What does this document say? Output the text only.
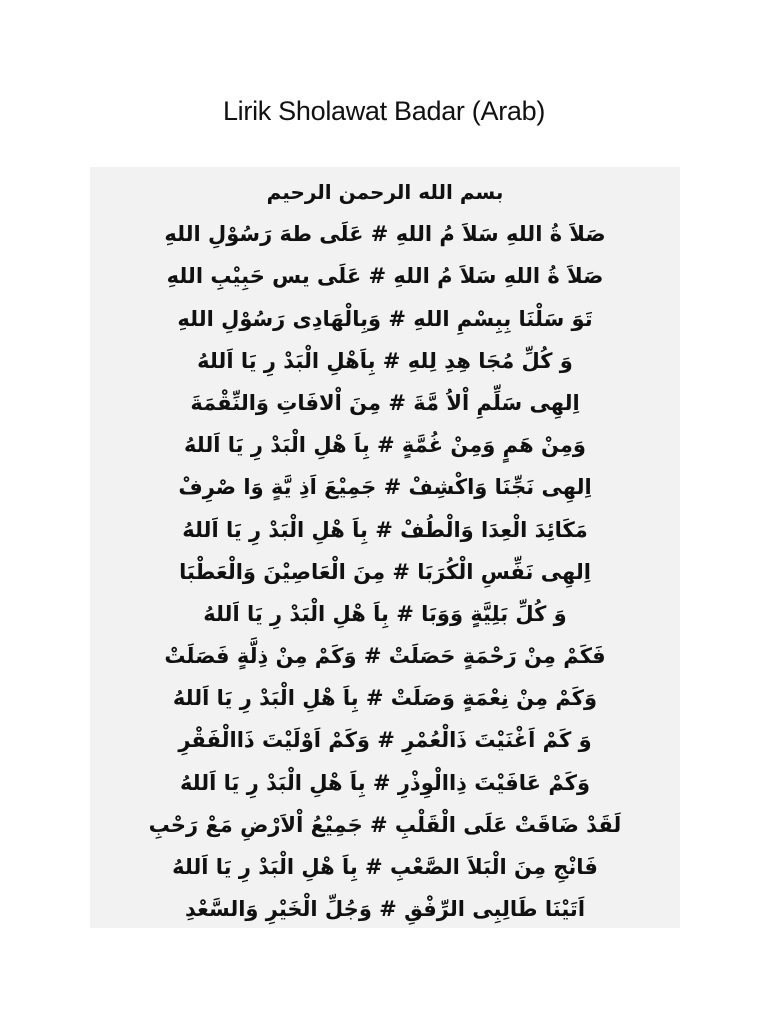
Lirik Sholawat Badar (Arab)
بسم الله الرحمن الرحيم
صَلاَ ةُ اللهِ سَلاَ مُ اللهِ # عَلَى طهَ رَسُوْلِ اللهِ
صَلاَ ةُ اللهِ سَلاَ مُ اللهِ # عَلَى يس حَبِيْبِ اللهِ
تَوَ سَلْنَا بِبِسْمِ اللهِ # وَبِالْهَادِى رَسُوْلِ اللهِ
وَ كُلِّ مُجَا هِدِ لِلهِ # بِاَهْلِ الْبَدْ رِ يَا اَللهُ
اِلهِى سَلِّمِ اْلاُ مَّةَ # مِنَ اْلافَاتِ وَالنِّقْمَةَ
وَمِنْ هَمٍ وَمِنْ غُمَّةٍ # بِاَ هْلِ الْبَدْ رِ يَا اَللهُ
اِلهِى نَجِّنَا وَاكْشِفْ # جَمِيْعَ اَذِ يَّةٍ وَا صْرِفْ
مَكَائِدَ الْعِدَا وَالْطُفْ # بِاَ هْلِ الْبَدْ رِ يَا اَللهُ
اِلهِى نَفِّسِ الْكُرَبَا # مِنَ الْعَاصِيْنَ وَالْعَطْبَا
وَ كُلِّ بَلِيَّةٍ وَوَبَا # بِاَ هْلِ الْبَدْ رِ يَا اَللهُ
فَكَمْ مِنْ رَحْمَةٍ حَصَلَتْ # وَكَمْ مِنْ ذِلَّةٍ فَصَلَتْ
وَكَمْ مِنْ نِعْمَةٍ وَصَلَتْ # بِاَ هْلِ الْبَدْ رِ يَا اَللهُ
وَ كَمْ اَغْنَيْتَ ذَالْعُمْرِ # وَكَمْ اَوْلَيْتَ ذَاالْفَقْرِ
وَكَمْ عَافَيْتَ ذِاالْوِذْرِ # بِاَ هْلِ الْبَدْ رِ يَا اَللهُ
لَقَدْ ضَاقَتْ عَلَى الْقَلْبِ # جَمِيْعُ اْلاَرْضِ مَعْ رَحْبِ
فَانْجِ مِنَ الْبَلاَ الصَّعْبِ # بِاَ هْلِ الْبَدْ رِ يَا اَللهُ
اَتَيْنَا طَالِبِى الرِّفْقِ # وَجُلِّ الْخَيْرِ وَالسَّعْدِ
